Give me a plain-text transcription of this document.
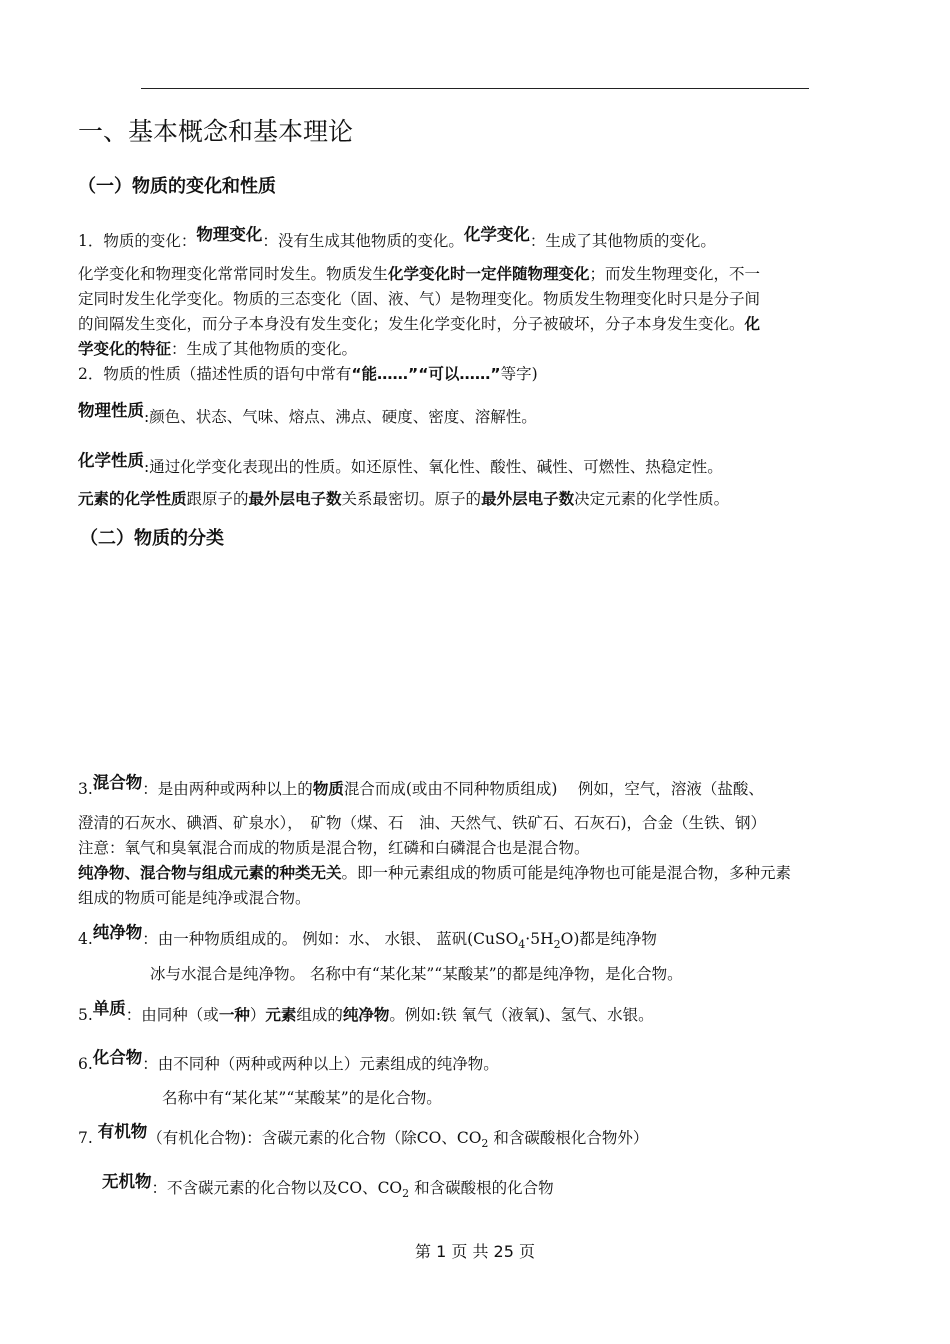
一、基本概念和基本理论
（一）物质的变化和性质
1．物质的变化：物理变化：没有生成其他物质的变化。化学变化：生成了其他物质的变化。
化学变化和物理变化常常同时发生。物质发生化学变化时一定伴随物理变化；而发生物理变化，不一
定同时发生化学变化。物质的三态变化（固、液、气）是物理变化。物质发生物理变化时只是分子间
的间隔发生变化，而分子本身没有发生变化；发生化学变化时，分子被破坏，分子本身发生变化。化
学变化的特征：生成了其他物质的变化。
2．物质的性质（描述性质的语句中常有“能……”“可以……”等字)
物理性质:颜色、状态、气味、熔点、沸点、硬度、密度、溶解性。
化学性质:通过化学变化表现出的性质。如还原性、氧化性、酸性、碱性、可燃性、热稳定性。
元素的化学性质跟原子的最外层电子数关系最密切。原子的最外层电子数决定元素的化学性质。
（二）物质的分类
3.混合物：是由两种或两种以上的物质混合而成(或由不同种物质组成)　 例如，空气，溶液（盐酸、
澄清的石灰水、碘酒、矿泉水），　矿物（煤、石　油、天然气、铁矿石、石灰石)，合金（生铁、钢）
注意：氧气和臭氧混合而成的物质是混合物，红磷和白磷混合也是混合物。
纯净物、混合物与组成元素的种类无关。即一种元素组成的物质可能是纯净物也可能是混合物，多种元素
组成的物质可能是纯净或混合物。
4.纯净物：由一种物质组成的。 例如：水、 水银、 蓝矾$(CuSO_4\cdot 5H_2O)$都是纯净物
冰与水混合是纯净物。 名称中有“某化某”“某酸某”的都是纯净物，是化合物。
5.单质：由同种（或一种）元素组成的纯净物。例如:铁 氧气（液氧)、氢气、水银。
6.化合物：由不同种（两种或两种以上）元素组成的纯净物。
名称中有“某化某”“某酸某”的是化合物。
7. 有机物（有机化合物)：含碳元素的化合物（除CO、$CO_2$ 和含碳酸根化合物外）
无机物：不含碳元素的化合物以及CO、$CO_2$ 和含碳酸根的化合物
第 1 页 共 25 页
